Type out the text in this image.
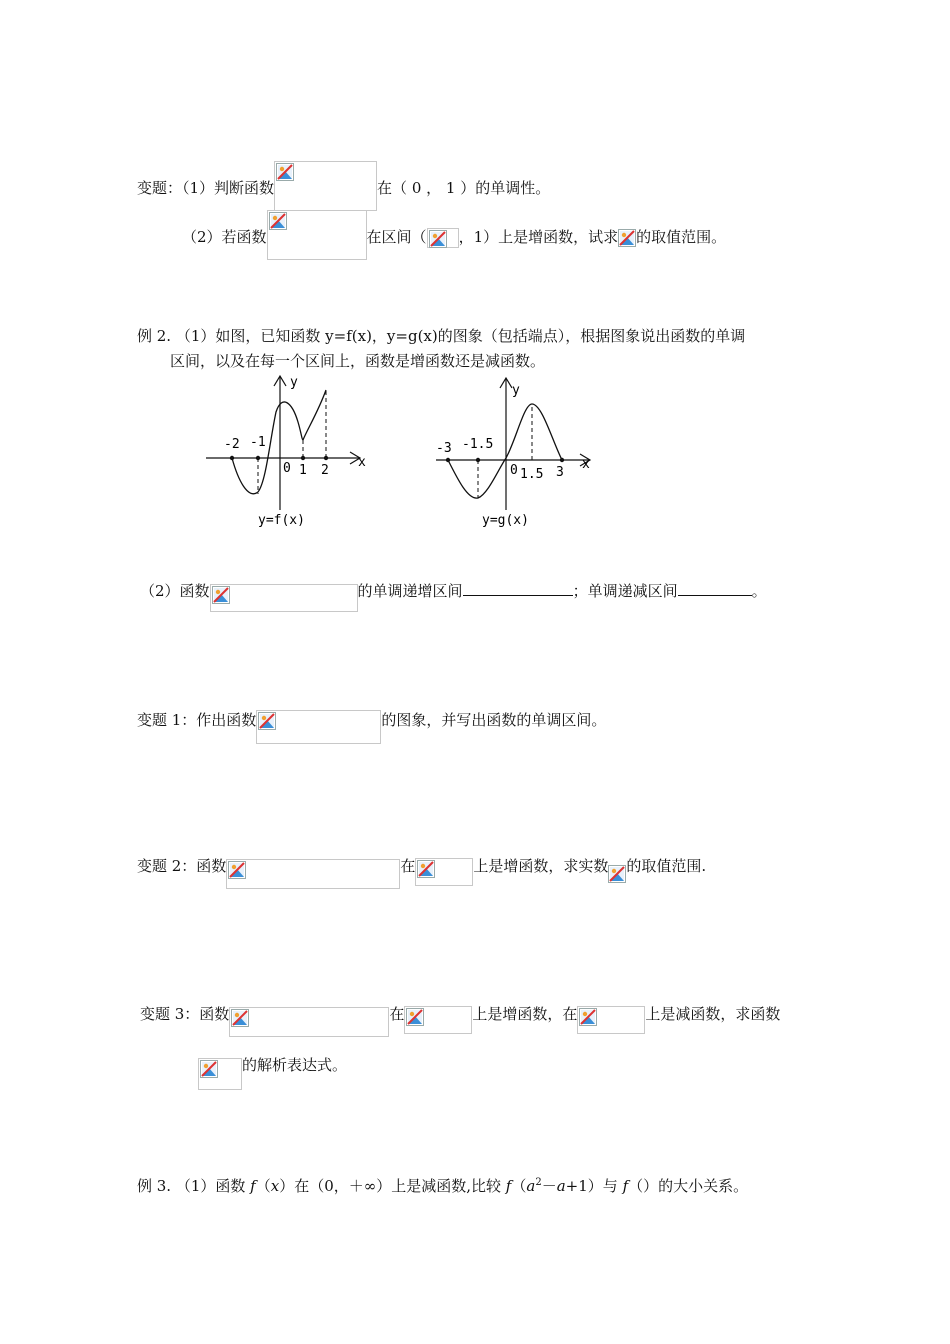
变题：（1）判断函数	在（ 0 ， 1 ）的单调性。
（2）若函数	在区间（ ，1）上是增函数，试求 的取值范围。
例 2. （1）如图，已知函数 y=f(x)，y=g(x)的图象（包括端点），根据图象说出函数的单调
区间，以及在每一个区间上，函数是增函数还是减函数。
y
x
-2 -1
0 1 2
y=f(x)
y
x
-3 -1.5
0 1.5 3
y=g(x)
（2）函数	的单调递增区间	；单调递减区间	。
变题 1：作出函数	的图象，并写出函数的单调区间。
变题 2：函数	在	上是增函数，求实数 的取值范围.
变题 3：函数	在	上是增函数，在	上是减函数，求函数
的解析表达式。
例 3. （1）函数 f（x）在（0，＋∞）上是减函数,比较 $f(a^2-a+1)$与 f（）的大小关系。
